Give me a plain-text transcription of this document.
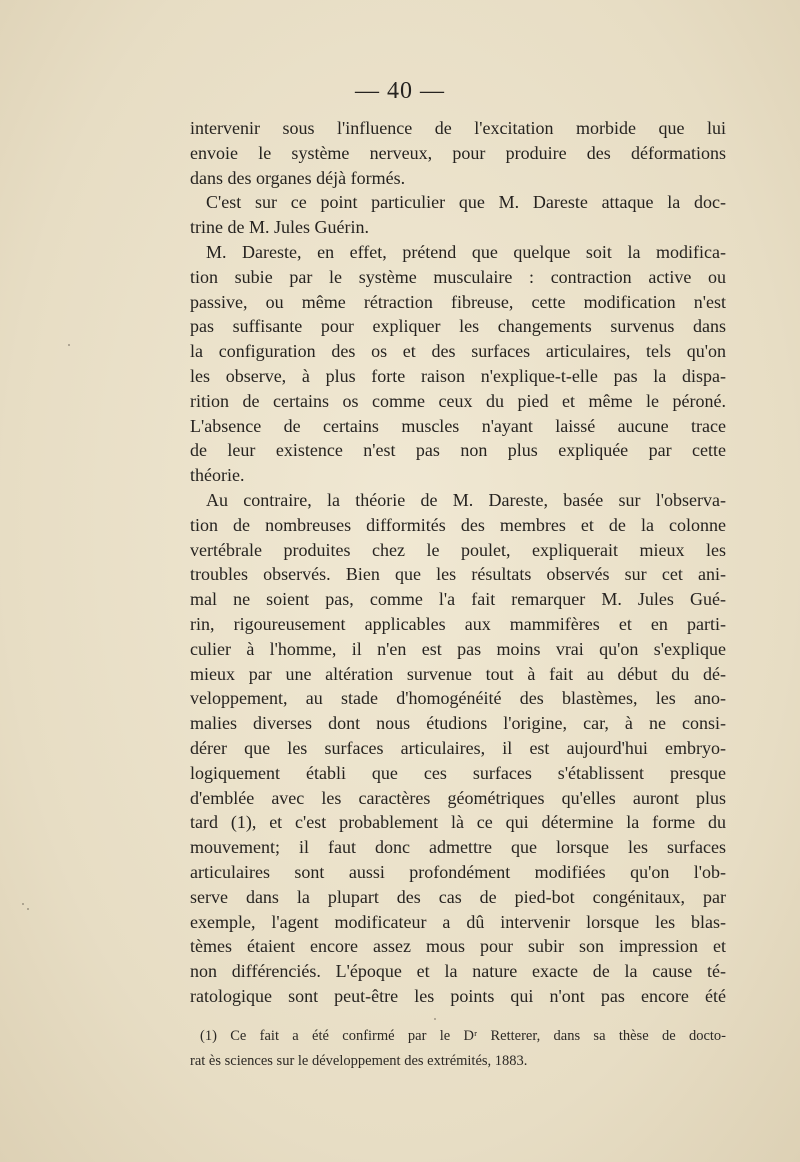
— 40 —
intervenir sous l'influence de l'excitation morbide que lui
envoie le système nerveux, pour produire des déformations
dans des organes déjà formés.
C'est sur ce point particulier que M. Dareste attaque la doc-
trine de M. Jules Guérin.
M. Dareste, en effet, prétend que quelque soit la modifica-
tion subie par le système musculaire : contraction active ou
passive, ou même rétraction fibreuse, cette modification n'est
pas suffisante pour expliquer les changements survenus dans
la configuration des os et des surfaces articulaires, tels qu'on
les observe, à plus forte raison n'explique-t-elle pas la dispa-
rition de certains os comme ceux du pied et même le péroné.
L'absence de certains muscles n'ayant laissé aucune trace
de leur existence n'est pas non plus expliquée par cette
théorie.
Au contraire, la théorie de M. Dareste, basée sur l'observa-
tion de nombreuses difformités des membres et de la colonne
vertébrale produites chez le poulet, expliquerait mieux les
troubles observés. Bien que les résultats observés sur cet ani-
mal ne soient pas, comme l'a fait remarquer M. Jules Gué-
rin, rigoureusement applicables aux mammifères et en parti-
culier à l'homme, il n'en est pas moins vrai qu'on s'explique
mieux par une altération survenue tout à fait au début du dé-
veloppement, au stade d'homogénéité des blastèmes, les ano-
malies diverses dont nous étudions l'origine, car, à ne consi-
dérer que les surfaces articulaires, il est aujourd'hui embryo-
logiquement établi que ces surfaces s'établissent presque
d'emblée avec les caractères géométriques qu'elles auront plus
tard (1), et c'est probablement là ce qui détermine la forme du
mouvement; il faut donc admettre que lorsque les surfaces
articulaires sont aussi profondément modifiées qu'on l'ob-
serve dans la plupart des cas de pied-bot congénitaux, par
exemple, l'agent modificateur a dû intervenir lorsque les blas-
tèmes étaient encore assez mous pour subir son impression et
non différenciés. L'époque et la nature exacte de la cause té-
ratologique sont peut-être les points qui n'ont pas encore été
(1) Ce fait a été confirmé par le Dʳ Retterer, dans sa thèse de docto-
rat ès sciences sur le développement des extrémités, 1883.
